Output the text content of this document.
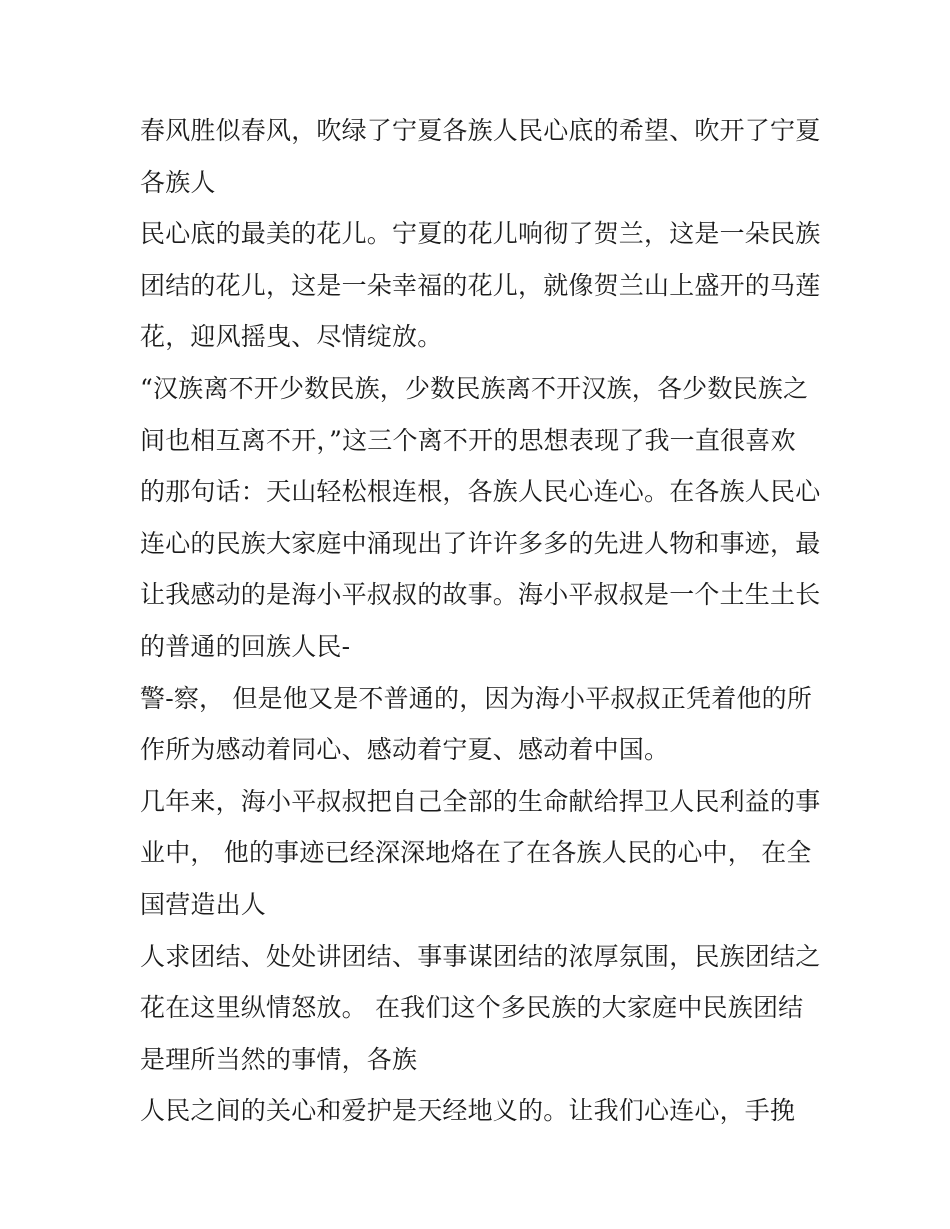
春风胜似春风，吹绿了宁夏各族人民心底的希望、吹开了宁夏
各族人
民心底的最美的花儿。宁夏的花儿响彻了贺兰，这是一朵民族
团结的花儿，这是一朵幸福的花儿，就像贺兰山上盛开的马莲
花，迎风摇曳、尽情绽放。
“汉族离不开少数民族，少数民族离不开汉族，各少数民族之
间也相互离不开，”这三个离不开的思想表现了我一直很喜欢
的那句话：天山轻松根连根，各族人民心连心。在各族人民心
连心的民族大家庭中涌现出了许许多多的先进人物和事迹，最
让我感动的是海小平叔叔的故事。海小平叔叔是一个土生土长
的普通的回族人民-
警-察， 但是他又是不普通的，因为海小平叔叔正凭着他的所
作所为感动着同心、感动着宁夏、感动着中国。
几年来，海小平叔叔把自己全部的生命献给捍卫人民利益的事
业中， 他的事迹已经深深地烙在了在各族人民的心中， 在全
国营造出人
人求团结、处处讲团结、事事谋团结的浓厚氛围，民族团结之
花在这里纵情怒放。 在我们这个多民族的大家庭中民族团结
是理所当然的事情，各族
人民之间的关心和爱护是天经地义的。让我们心连心，手挽
